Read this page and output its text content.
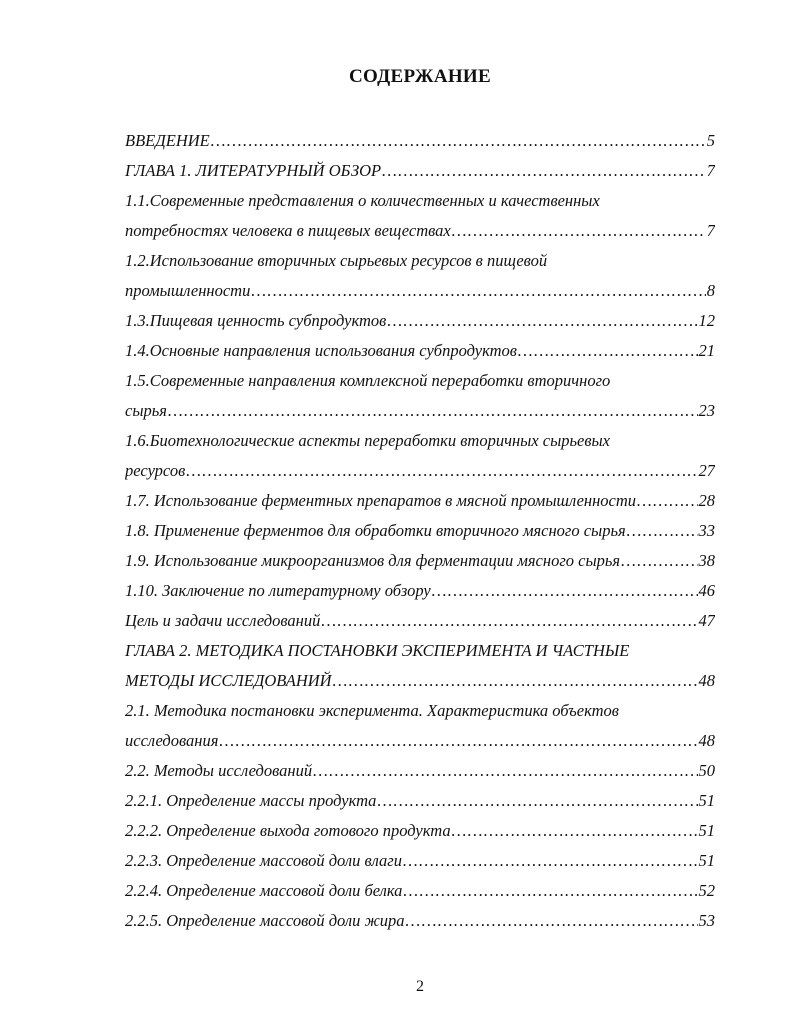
СОДЕРЖАНИЕ
ВВЕДЕНИЕ …………………………………………………………………………………………………………………………………………………………………	5
ГЛАВА 1. ЛИТЕРАТУРНЫЙ ОБЗОР …………………………………………………………………………………………………………………………………………………………………	7
1.1.Современные представления о количественных и качественных
потребностях человека в пищевых веществах …………………………………………………………………………………………………………………………………………………………………	7
1.2.Использование вторичных сырьевых ресурсов в пищевой
промышленности …………………………………………………………………………………………………………………………………………………………………	8
1.3.Пищевая ценность субпродуктов …………………………………………………………………………………………………………………………………………………………………	12
1.4.Основные направления использования субпродуктов …………………………………………………………………………………………………………………………………………………………………	21
1.5.Современные направления комплексной переработки вторичного
сырья …………………………………………………………………………………………………………………………………………………………………	23
1.6.Биотехнологические аспекты переработки вторичных сырьевых
ресурсов …………………………………………………………………………………………………………………………………………………………………	27
1.7. Использование ферментных препаратов в мясной промышленности …………………………………………………………………………………………………………………………………………………………………	28
1.8. Применение ферментов для обработки вторичного мясного сырья …………………………………………………………………………………………………………………………………………………………………	33
1.9. Использование микроорганизмов для ферментации мясного сырья …………………………………………………………………………………………………………………………………………………………………	38
1.10. Заключение по литературному обзору …………………………………………………………………………………………………………………………………………………………………	46
Цель и задачи исследований …………………………………………………………………………………………………………………………………………………………………	47
ГЛАВА 2. МЕТОДИКА ПОСТАНОВКИ ЭКСПЕРИМЕНТА И ЧАСТНЫЕ
МЕТОДЫ ИССЛЕДОВАНИЙ …………………………………………………………………………………………………………………………………………………………………	48
2.1. Методика постановки эксперимента. Характеристика объектов
исследования …………………………………………………………………………………………………………………………………………………………………	48
2.2. Методы исследований …………………………………………………………………………………………………………………………………………………………………	50
2.2.1. Определение массы продукта …………………………………………………………………………………………………………………………………………………………………	51
2.2.2. Определение выхода готового продукта …………………………………………………………………………………………………………………………………………………………………	51
2.2.3. Определение массовой доли влаги …………………………………………………………………………………………………………………………………………………………………	51
2.2.4. Определение массовой доли белка …………………………………………………………………………………………………………………………………………………………………	52
2.2.5. Определение массовой доли жира …………………………………………………………………………………………………………………………………………………………………	53
2
